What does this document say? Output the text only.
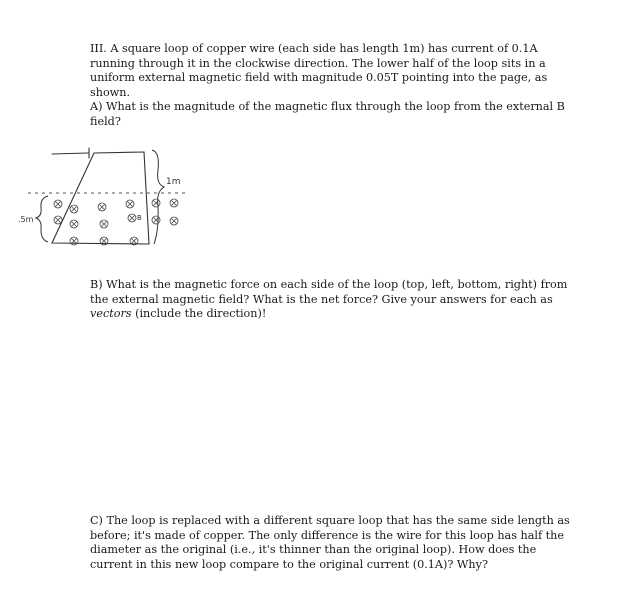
III. A square loop of copper wire (each side has length 1m) has current of 0.1A
running through it in the clockwise direction. The lower half of the loop sits in a
uniform external magnetic field with magnitude 0.05T pointing into the page, as
shown.
A) What is the magnitude of the magnetic flux through the loop from the external B
field?
1m
.5m	B
B) What is the magnetic force on each side of the loop (top, left, bottom, right) from
the external magnetic field? What is the net force? Give your answers for each as
vectors (include the direction)!
C) The loop is replaced with a different square loop that has the same side length as
before; it's made of copper. The only difference is the wire for this loop has half the
diameter as the original (i.e., it's thinner than the original loop). How does the
current in this new loop compare to the original current (0.1A)? Why?
